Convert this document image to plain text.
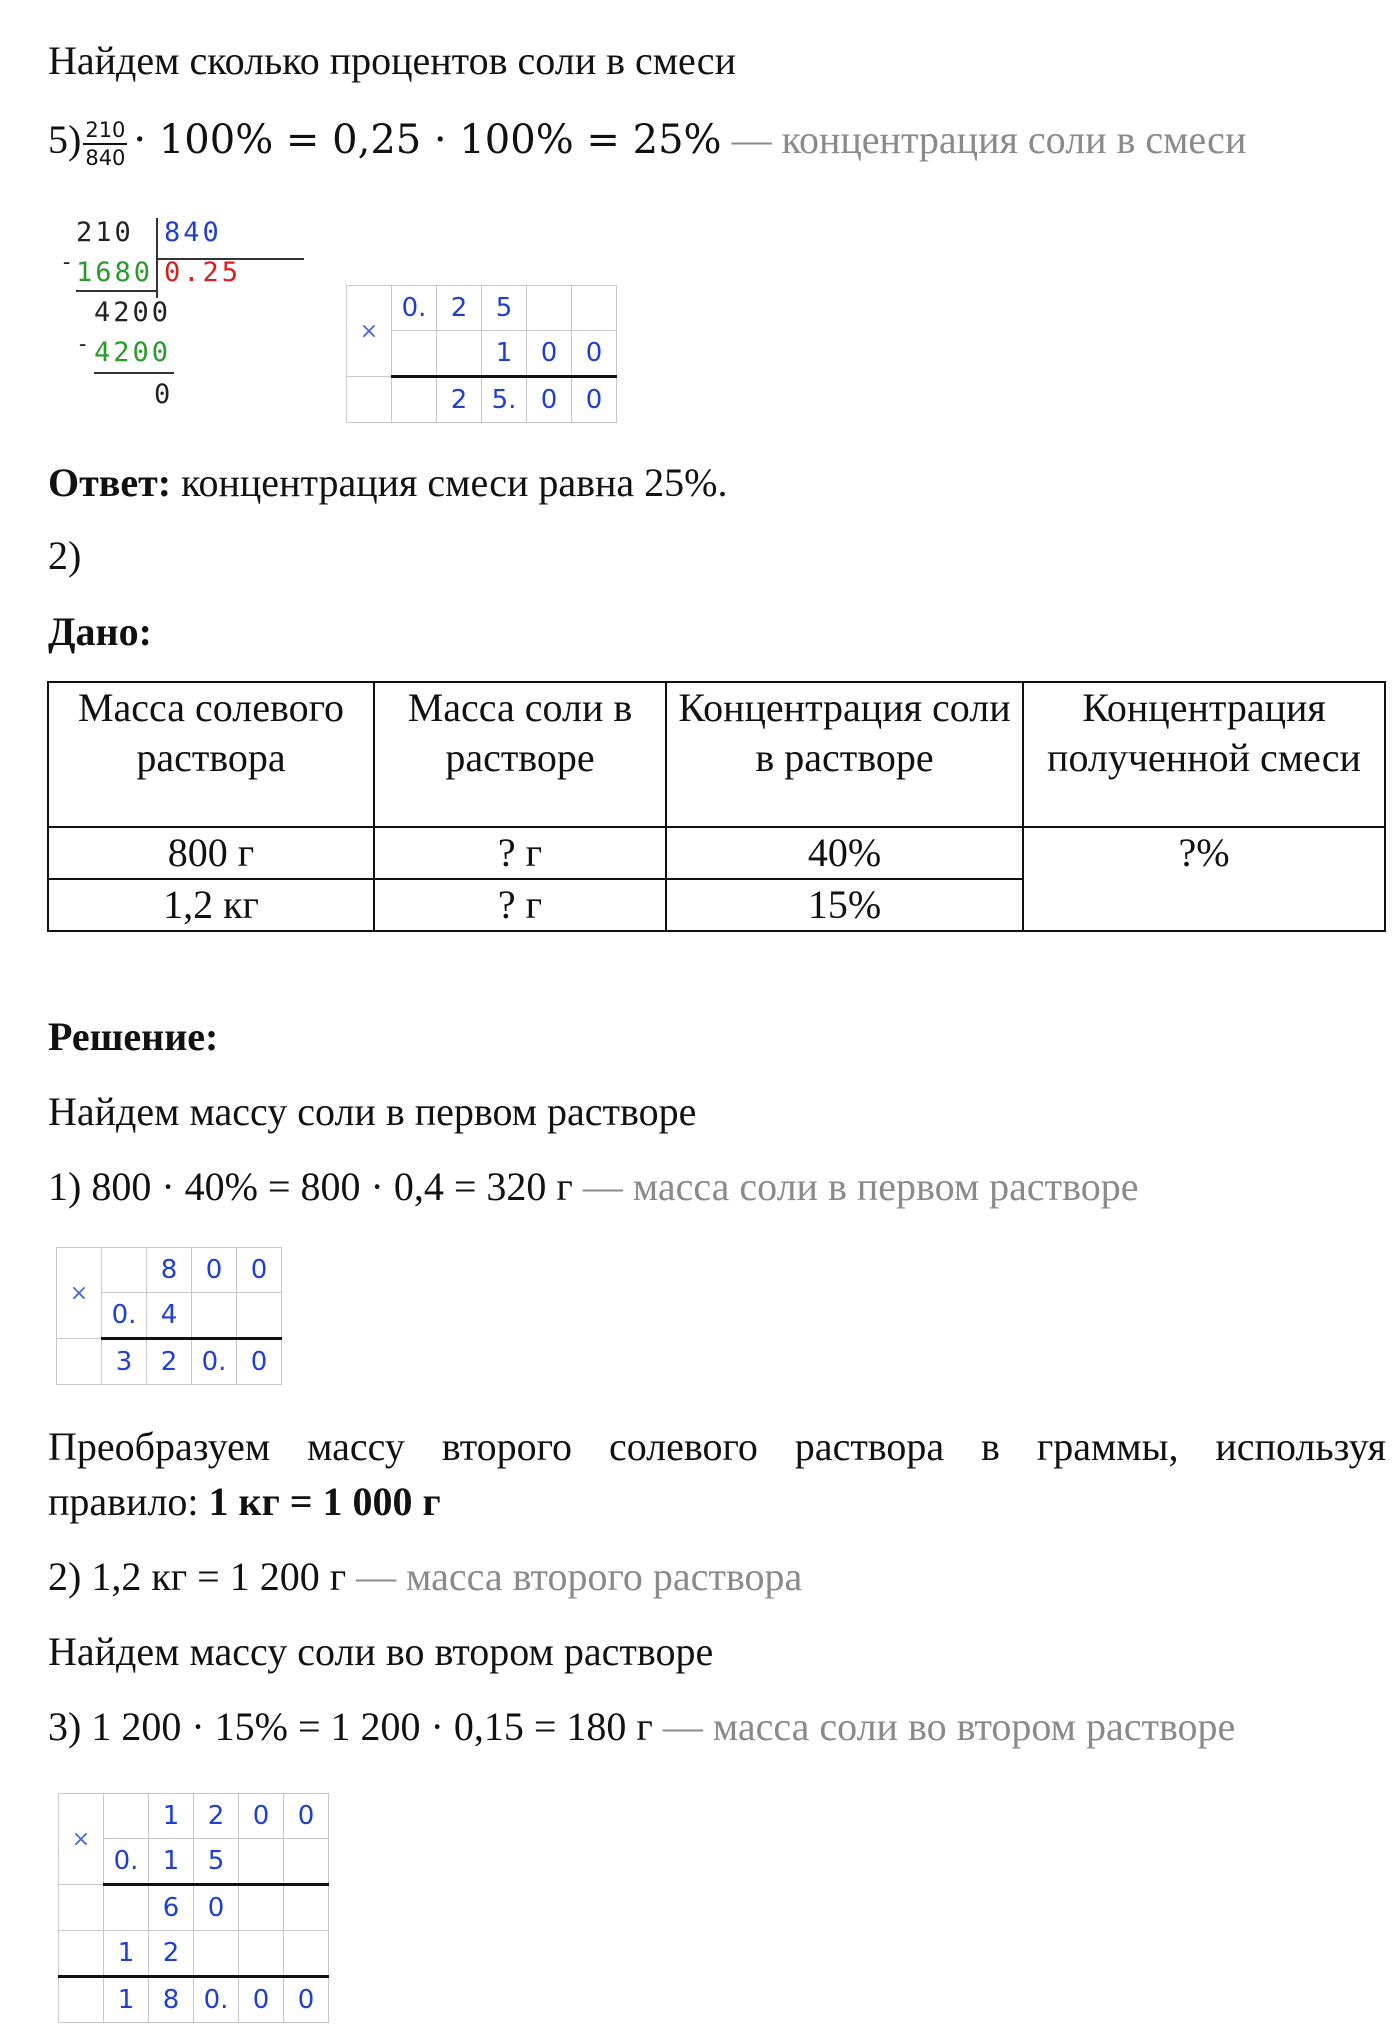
Найдем сколько процентов соли в смеси
$5) \frac{210}{840} \cdot 100\% = 0,25 \cdot 100\% = 25\%$ — концентрация соли в смеси
210 840
- 1680 0.25
4200
- 4200
0
×	0.	2	5		
			1	0	0
		2	5.	0	0
Ответ: концентрация смеси равна 25%.
2)
Дано:
Масса солевого раствора	Масса соли в растворе	Концентрация соли в растворе	Концентрация полученной смеси
800 г	? г	40%	?%
1,2 кг	? г	15%	
Решение:
Найдем массу соли в первом растворе
1) 800 · 40% = 800 · 0,4 = 320 г — масса соли в первом растворе
×		8	0	0
	0.	4		
	3	2	0.	0
Преобразуем массу второго солевого раствора в граммы, используя
правило: 1 кг = 1 000 г
2) 1,2 кг = 1 200 г — масса второго раствора
Найдем массу соли во втором растворе
3) 1 200 · 15% = 1 200 · 0,15 = 180 г — масса соли во втором растворе
×		1	2	0	0
	0.	1	5		
		6	0		
	1	2			
	1	8	0.	0	0
